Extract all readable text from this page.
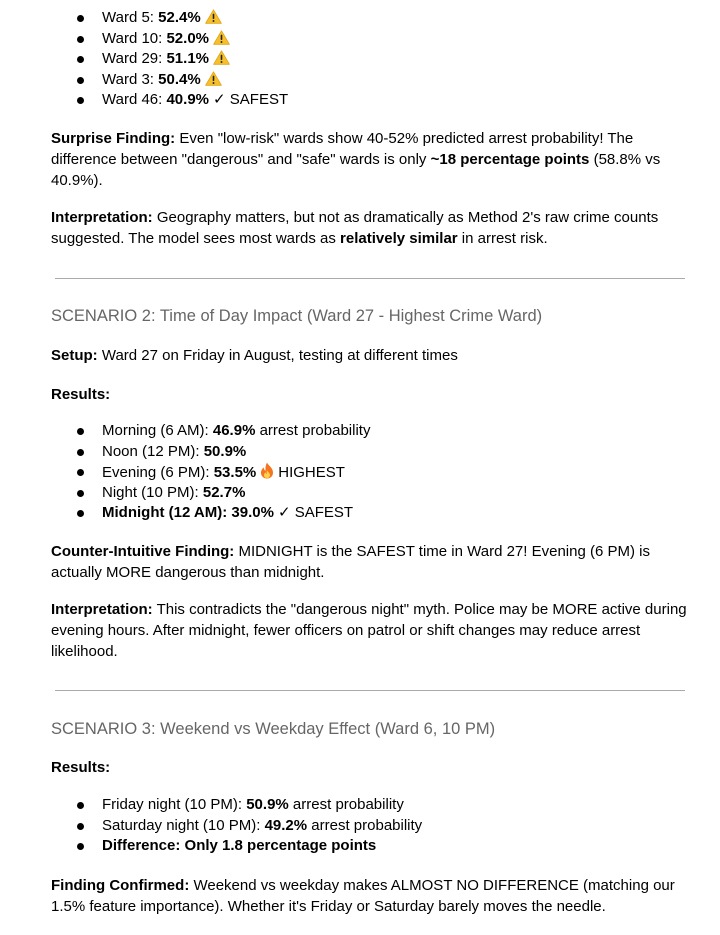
Ward 5: 52.4%
Ward 10: 52.0%
Ward 29: 51.1%
Ward 3: 50.4%
Ward 46: 40.9% ✓ SAFEST

Surprise Finding: Even "low-risk" wards show 40-52% predicted arrest probability! The difference between "dangerous" and "safe" wards is only ~18 percentage points (58.8% vs 40.9%).

Interpretation: Geography matters, but not as dramatically as Method 2's raw crime counts suggested. The model sees most wards as relatively similar in arrest risk.

SCENARIO 2: Time of Day Impact (Ward 27 - Highest Crime Ward)

Setup: Ward 27 on Friday in August, testing at different times

Results:

Morning (6 AM): 46.9% arrest probability
Noon (12 PM): 50.9%
Evening (6 PM): 53.5% HIGHEST
Night (10 PM): 52.7%
Midnight (12 AM): 39.0% ✓ SAFEST

Counter-Intuitive Finding: MIDNIGHT is the SAFEST time in Ward 27! Evening (6 PM) is actually MORE dangerous than midnight.

Interpretation: This contradicts the "dangerous night" myth. Police may be MORE active during evening hours. After midnight, fewer officers on patrol or shift changes may reduce arrest likelihood.

SCENARIO 3: Weekend vs Weekday Effect (Ward 6, 10 PM)

Results:

Friday night (10 PM): 50.9% arrest probability
Saturday night (10 PM): 49.2% arrest probability
Difference: Only 1.8 percentage points

Finding Confirmed: Weekend vs weekday makes ALMOST NO DIFFERENCE (matching our 1.5% feature importance). Whether it's Friday or Saturday barely moves the needle.
